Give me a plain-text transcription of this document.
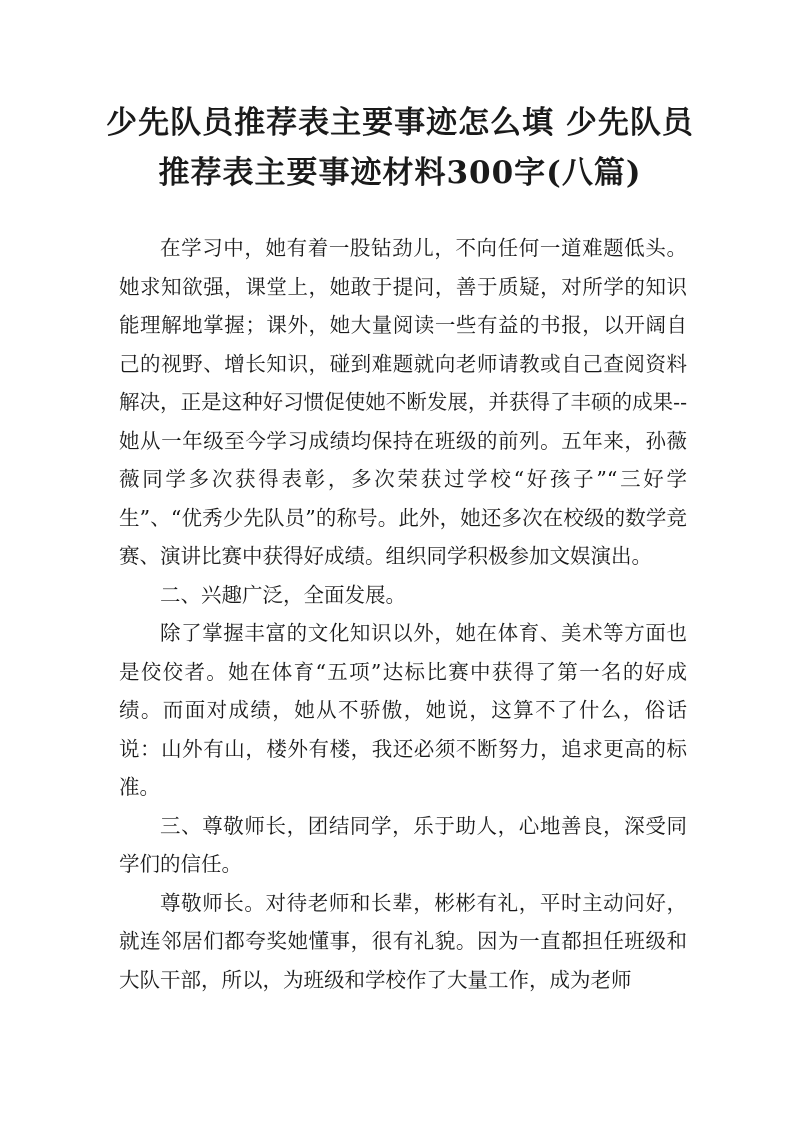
少先队员推荐表主要事迹怎么填 少先队员
推荐表主要事迹材料300字(八篇)

在学习中，她有着一股钻劲儿，不向任何一道难题低头。她求知欲强，课堂上，她敢于提问，善于质疑，对所学的知识能理解地掌握；课外，她大量阅读一些有益的书报，以开阔自己的视野、增长知识，碰到难题就向老师请教或自己查阅资料解决，正是这种好习惯促使她不断发展，并获得了丰硕的成果--她从一年级至今学习成绩均保持在班级的前列。五年来，孙薇薇同学多次获得表彰，多次荣获过学校“好孩子”“三好学生”、“优秀少先队员”的称号。此外，她还多次在校级的数学竞赛、演讲比赛中获得好成绩。组织同学积极参加文娱演出。

二、兴趣广泛，全面发展。

除了掌握丰富的文化知识以外，她在体育、美术等方面也是佼佼者。她在体育“五项”达标比赛中获得了第一名的好成绩。而面对成绩，她从不骄傲，她说，这算不了什么，俗话说：山外有山，楼外有楼，我还必须不断努力，追求更高的标准。

三、尊敬师长，团结同学，乐于助人，心地善良，深受同学们的信任。

尊敬师长。对待老师和长辈，彬彬有礼，平时主动问好，就连邻居们都夸奖她懂事，很有礼貌。因为一直都担任班级和大队干部，所以，为班级和学校作了大量工作，成为老师
